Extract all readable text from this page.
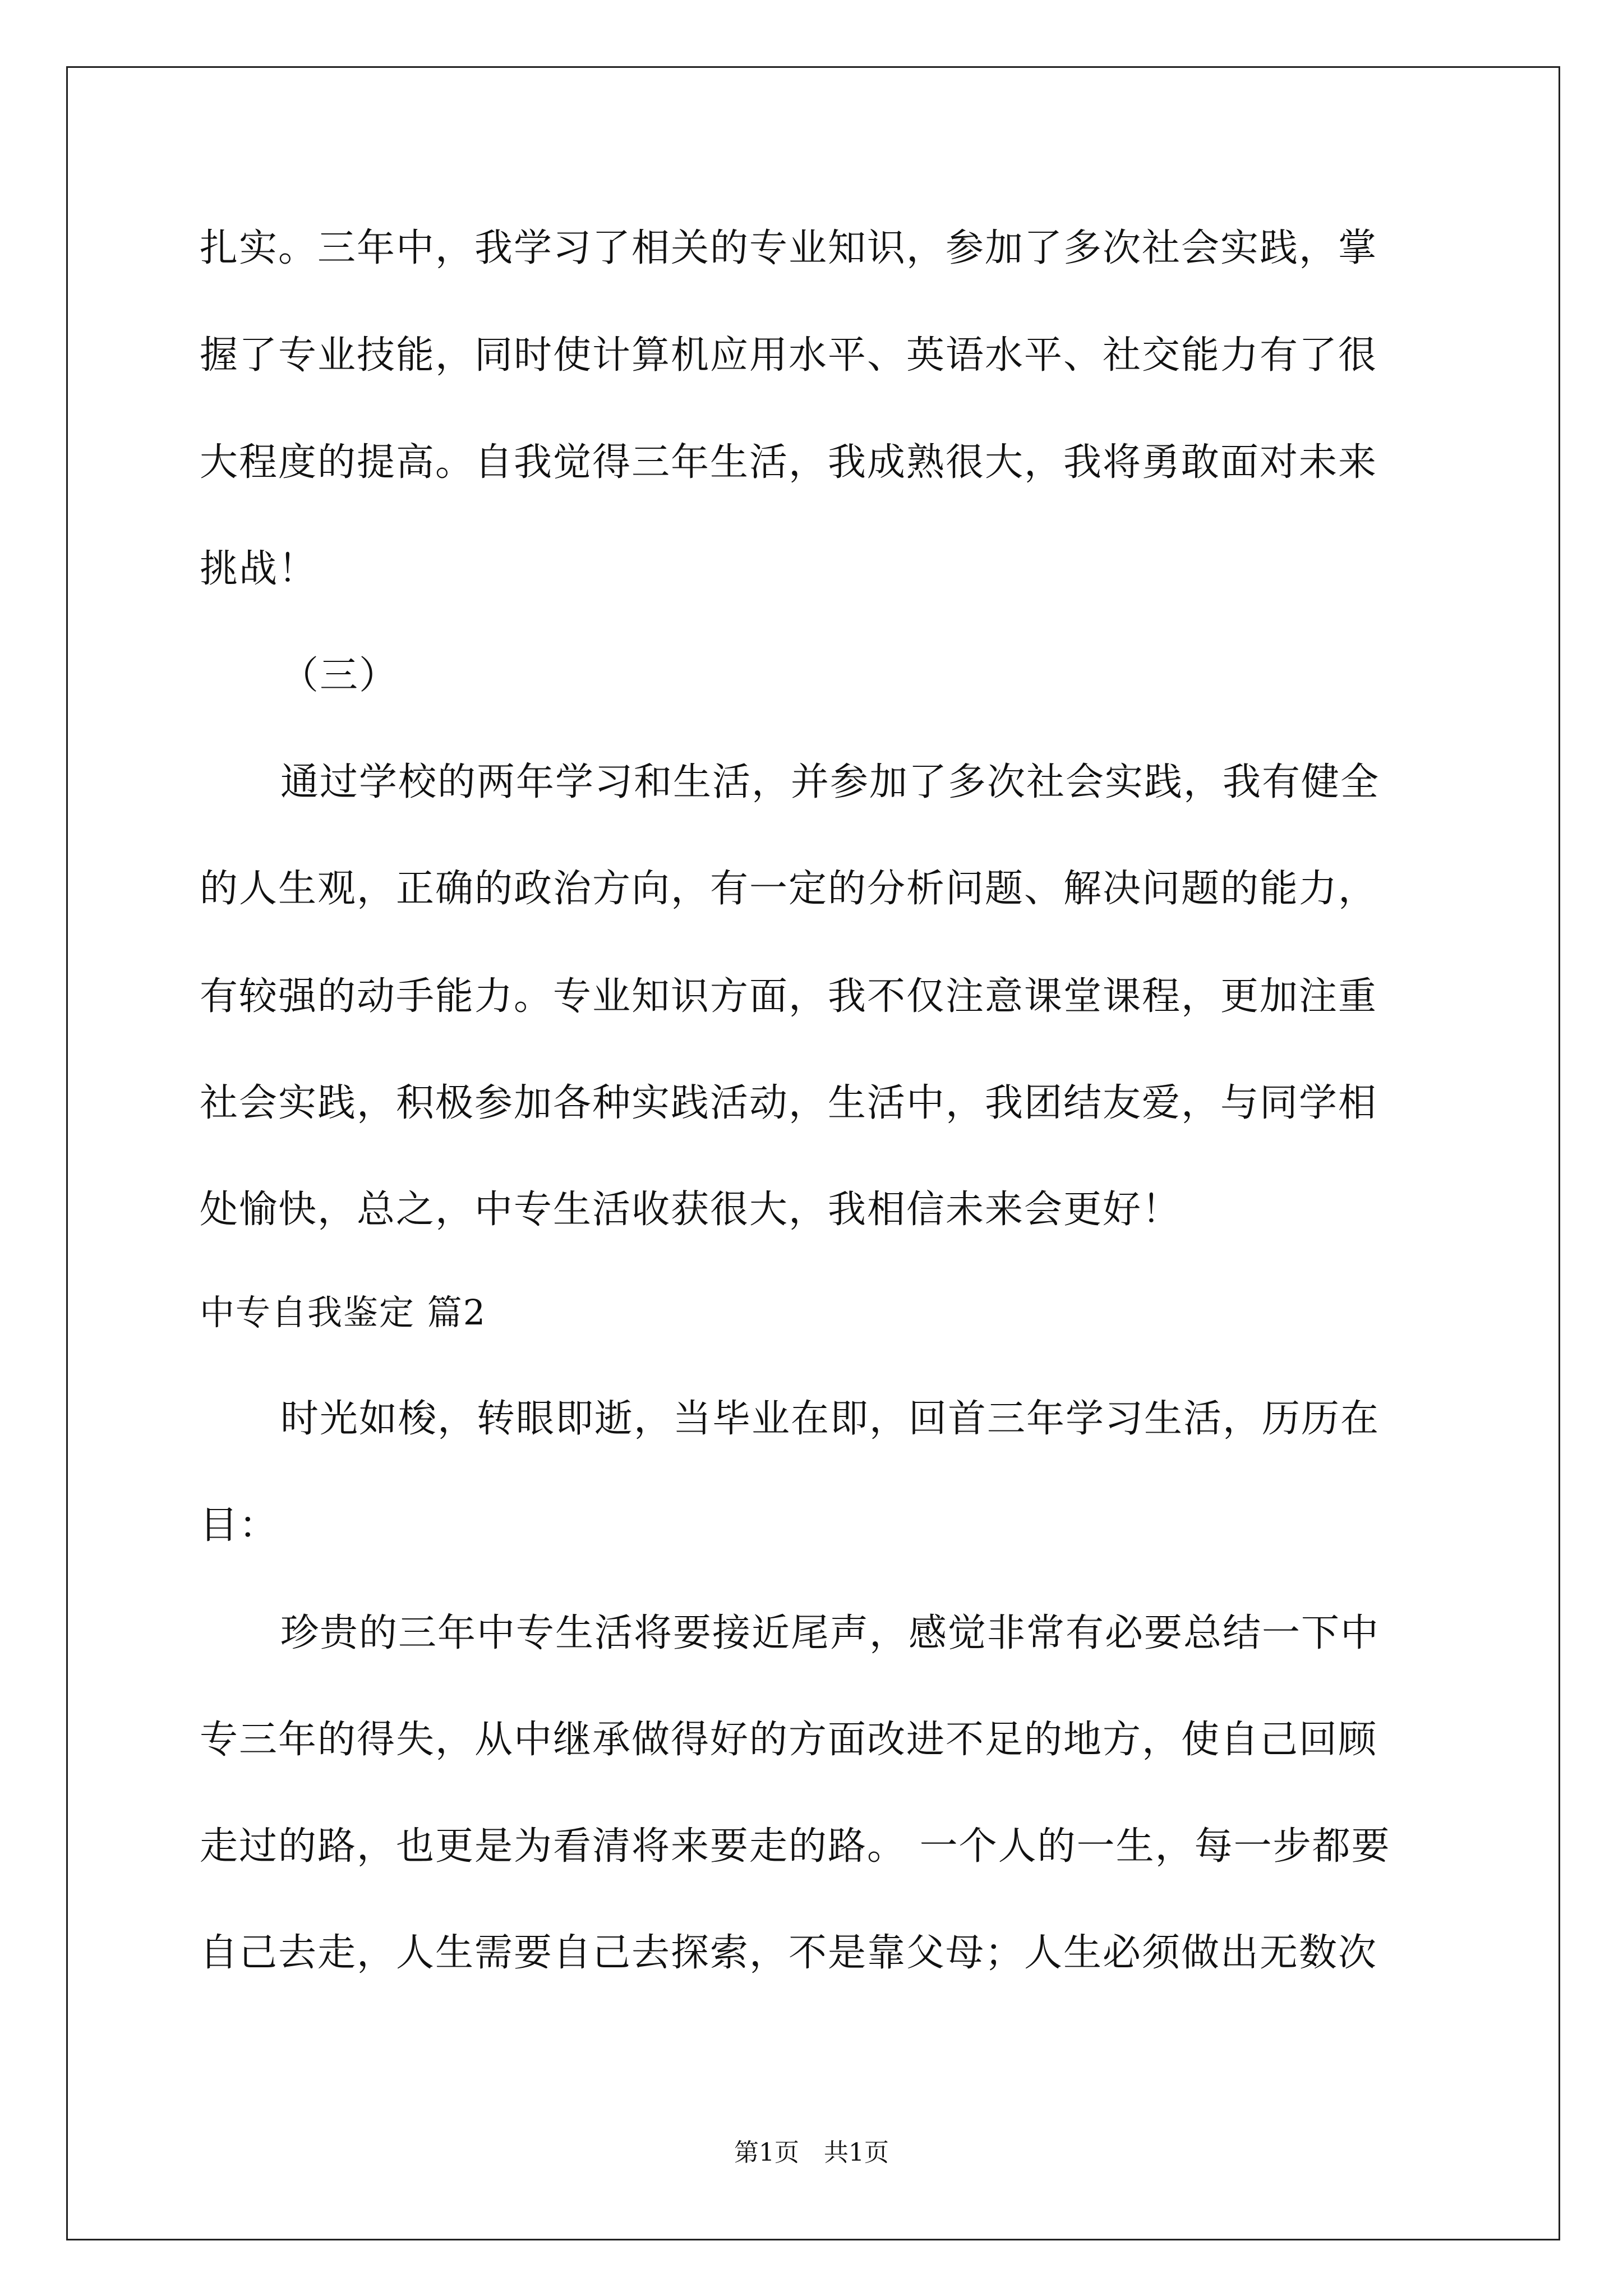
扎实。三年中，我学习了相关的专业知识，参加了多次社会实践，掌
握了专业技能，同时使计算机应用水平、英语水平、社交能力有了很
大程度的提高。自我觉得三年生活，我成熟很大，我将勇敢面对未来
挑战！
（三）
通过学校的两年学习和生活，并参加了多次社会实践，我有健全
的人生观，正确的政治方向，有一定的分析问题、解决问题的能力，
有较强的动手能力。专业知识方面，我不仅注意课堂课程，更加注重
社会实践，积极参加各种实践活动，生活中，我团结友爱，与同学相
处愉快，总之，中专生活收获很大，我相信未来会更好！
中专自我鉴定 篇2
时光如梭，转眼即逝，当毕业在即，回首三年学习生活，历历在
目：
珍贵的三年中专生活将要接近尾声，感觉非常有必要总结一下中
专三年的得失，从中继承做得好的方面改进不足的地方，使自己回顾
走过的路，也更是为看清将来要走的路。 一个人的一生，每一步都要
自己去走，人生需要自己去探索，不是靠父母；人生必须做出无数次
第1页　共1页
